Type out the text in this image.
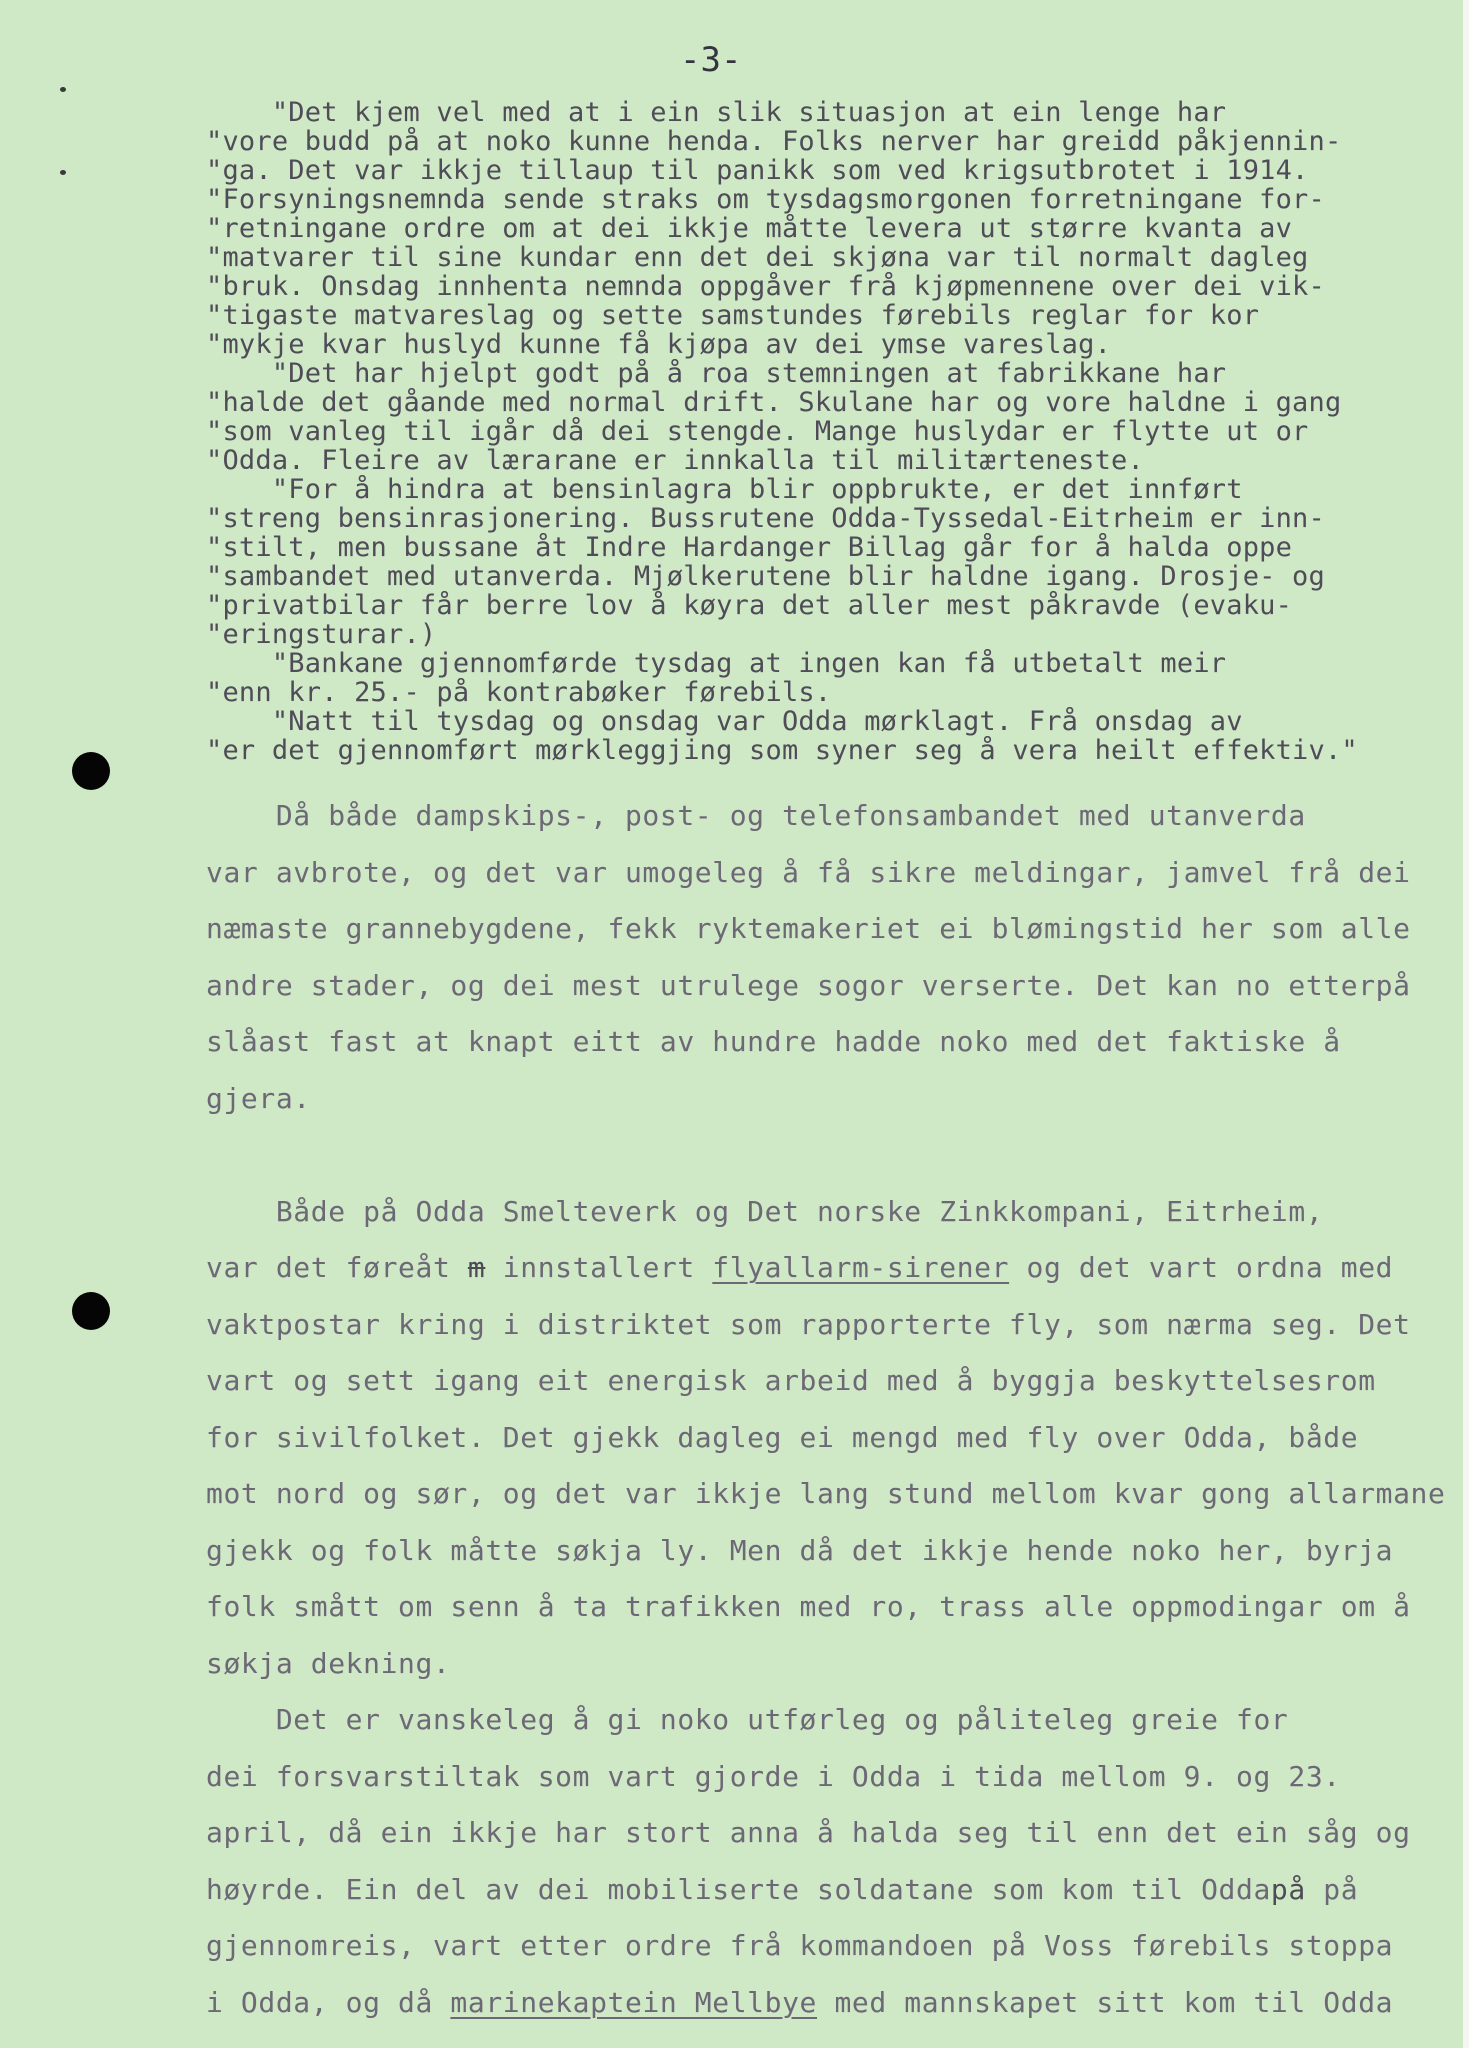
-3-
"Det kjem vel med at i ein slik situasjon at ein lenge har
"vore budd på at noko kunne henda. Folks nerver har greidd påkjennin-
"ga. Det var ikkje tillaup til panikk som ved krigsutbrotet i 1914.
"Forsyningsnemnda sende straks om tysdagsmorgonen forretningane for-
"retningane ordre om at dei ikkje måtte levera ut større kvanta av
"matvarer til sine kundar enn det dei skjøna var til normalt dagleg
"bruk. Onsdag innhenta nemnda oppgåver frå kjøpmennene over dei vik-
"tigaste matvareslag og sette samstundes førebils reglar for kor
"mykje kvar huslyd kunne få kjøpa av dei ymse vareslag.
"Det har hjelpt godt på å roa stemningen at fabrikkane har
"halde det gåande med normal drift. Skulane har og vore haldne i gang
"som vanleg til igår då dei stengde. Mange huslydar er flytte ut or
"Odda. Fleire av lærarane er innkalla til militærteneste.
"For å hindra at bensinlagra blir oppbrukte, er det innført
"streng bensinrasjonering. Bussrutene Odda-Tyssedal-Eitrheim er inn-
"stilt, men bussane åt Indre Hardanger Billag går for å halda oppe
"sambandet med utanverda. Mjølkerutene blir haldne igang. Drosje- og
"privatbilar får berre lov å køyra det aller mest påkravde (evaku-
"eringsturar.)
"Bankane gjennomførde tysdag at ingen kan få utbetalt meir
"enn kr. 25.- på kontrabøker førebils.
"Natt til tysdag og onsdag var Odda mørklagt. Frå onsdag av
"er det gjennomført mørkleggjing som syner seg å vera heilt effektiv."
Då både dampskips-, post- og telefonsambandet med utanverda
var avbrote, og det var umogeleg å få sikre meldingar, jamvel frå dei
næmaste grannebygdene, fekk ryktemakeriet ei blømingstid her som alle
andre stader, og dei mest utrulege sogor verserte. Det kan no etterpå
slåast fast at knapt eitt av hundre hadde noko med det faktiske å
gjera.
Både på Odda Smelteverk og Det norske Zinkkompani, Eitrheim,
var det føreåt m innstallert flyallarm-sirener og det vart ordna med
vaktpostar kring i distriktet som rapporterte fly, som nærma seg. Det
vart og sett igang eit energisk arbeid med å byggja beskyttelsesrom
for sivilfolket. Det gjekk dagleg ei mengd med fly over Odda, både
mot nord og sør, og det var ikkje lang stund mellom kvar gong allarmane
gjekk og folk måtte søkja ly. Men då det ikkje hende noko her, byrja
folk smått om senn å ta trafikken med ro, trass alle oppmodingar om å
søkja dekning.
Det er vanskeleg å gi noko utførleg og påliteleg greie for
dei forsvarstiltak som vart gjorde i Odda i tida mellom 9. og 23.
april, då ein ikkje har stort anna å halda seg til enn det ein såg og
høyrde. Ein del av dei mobiliserte soldatane som kom til Oddapå på
gjennomreis, vart etter ordre frå kommandoen på Voss førebils stoppa
i Odda, og då marinekaptein Mellbye med mannskapet sitt kom til Odda
